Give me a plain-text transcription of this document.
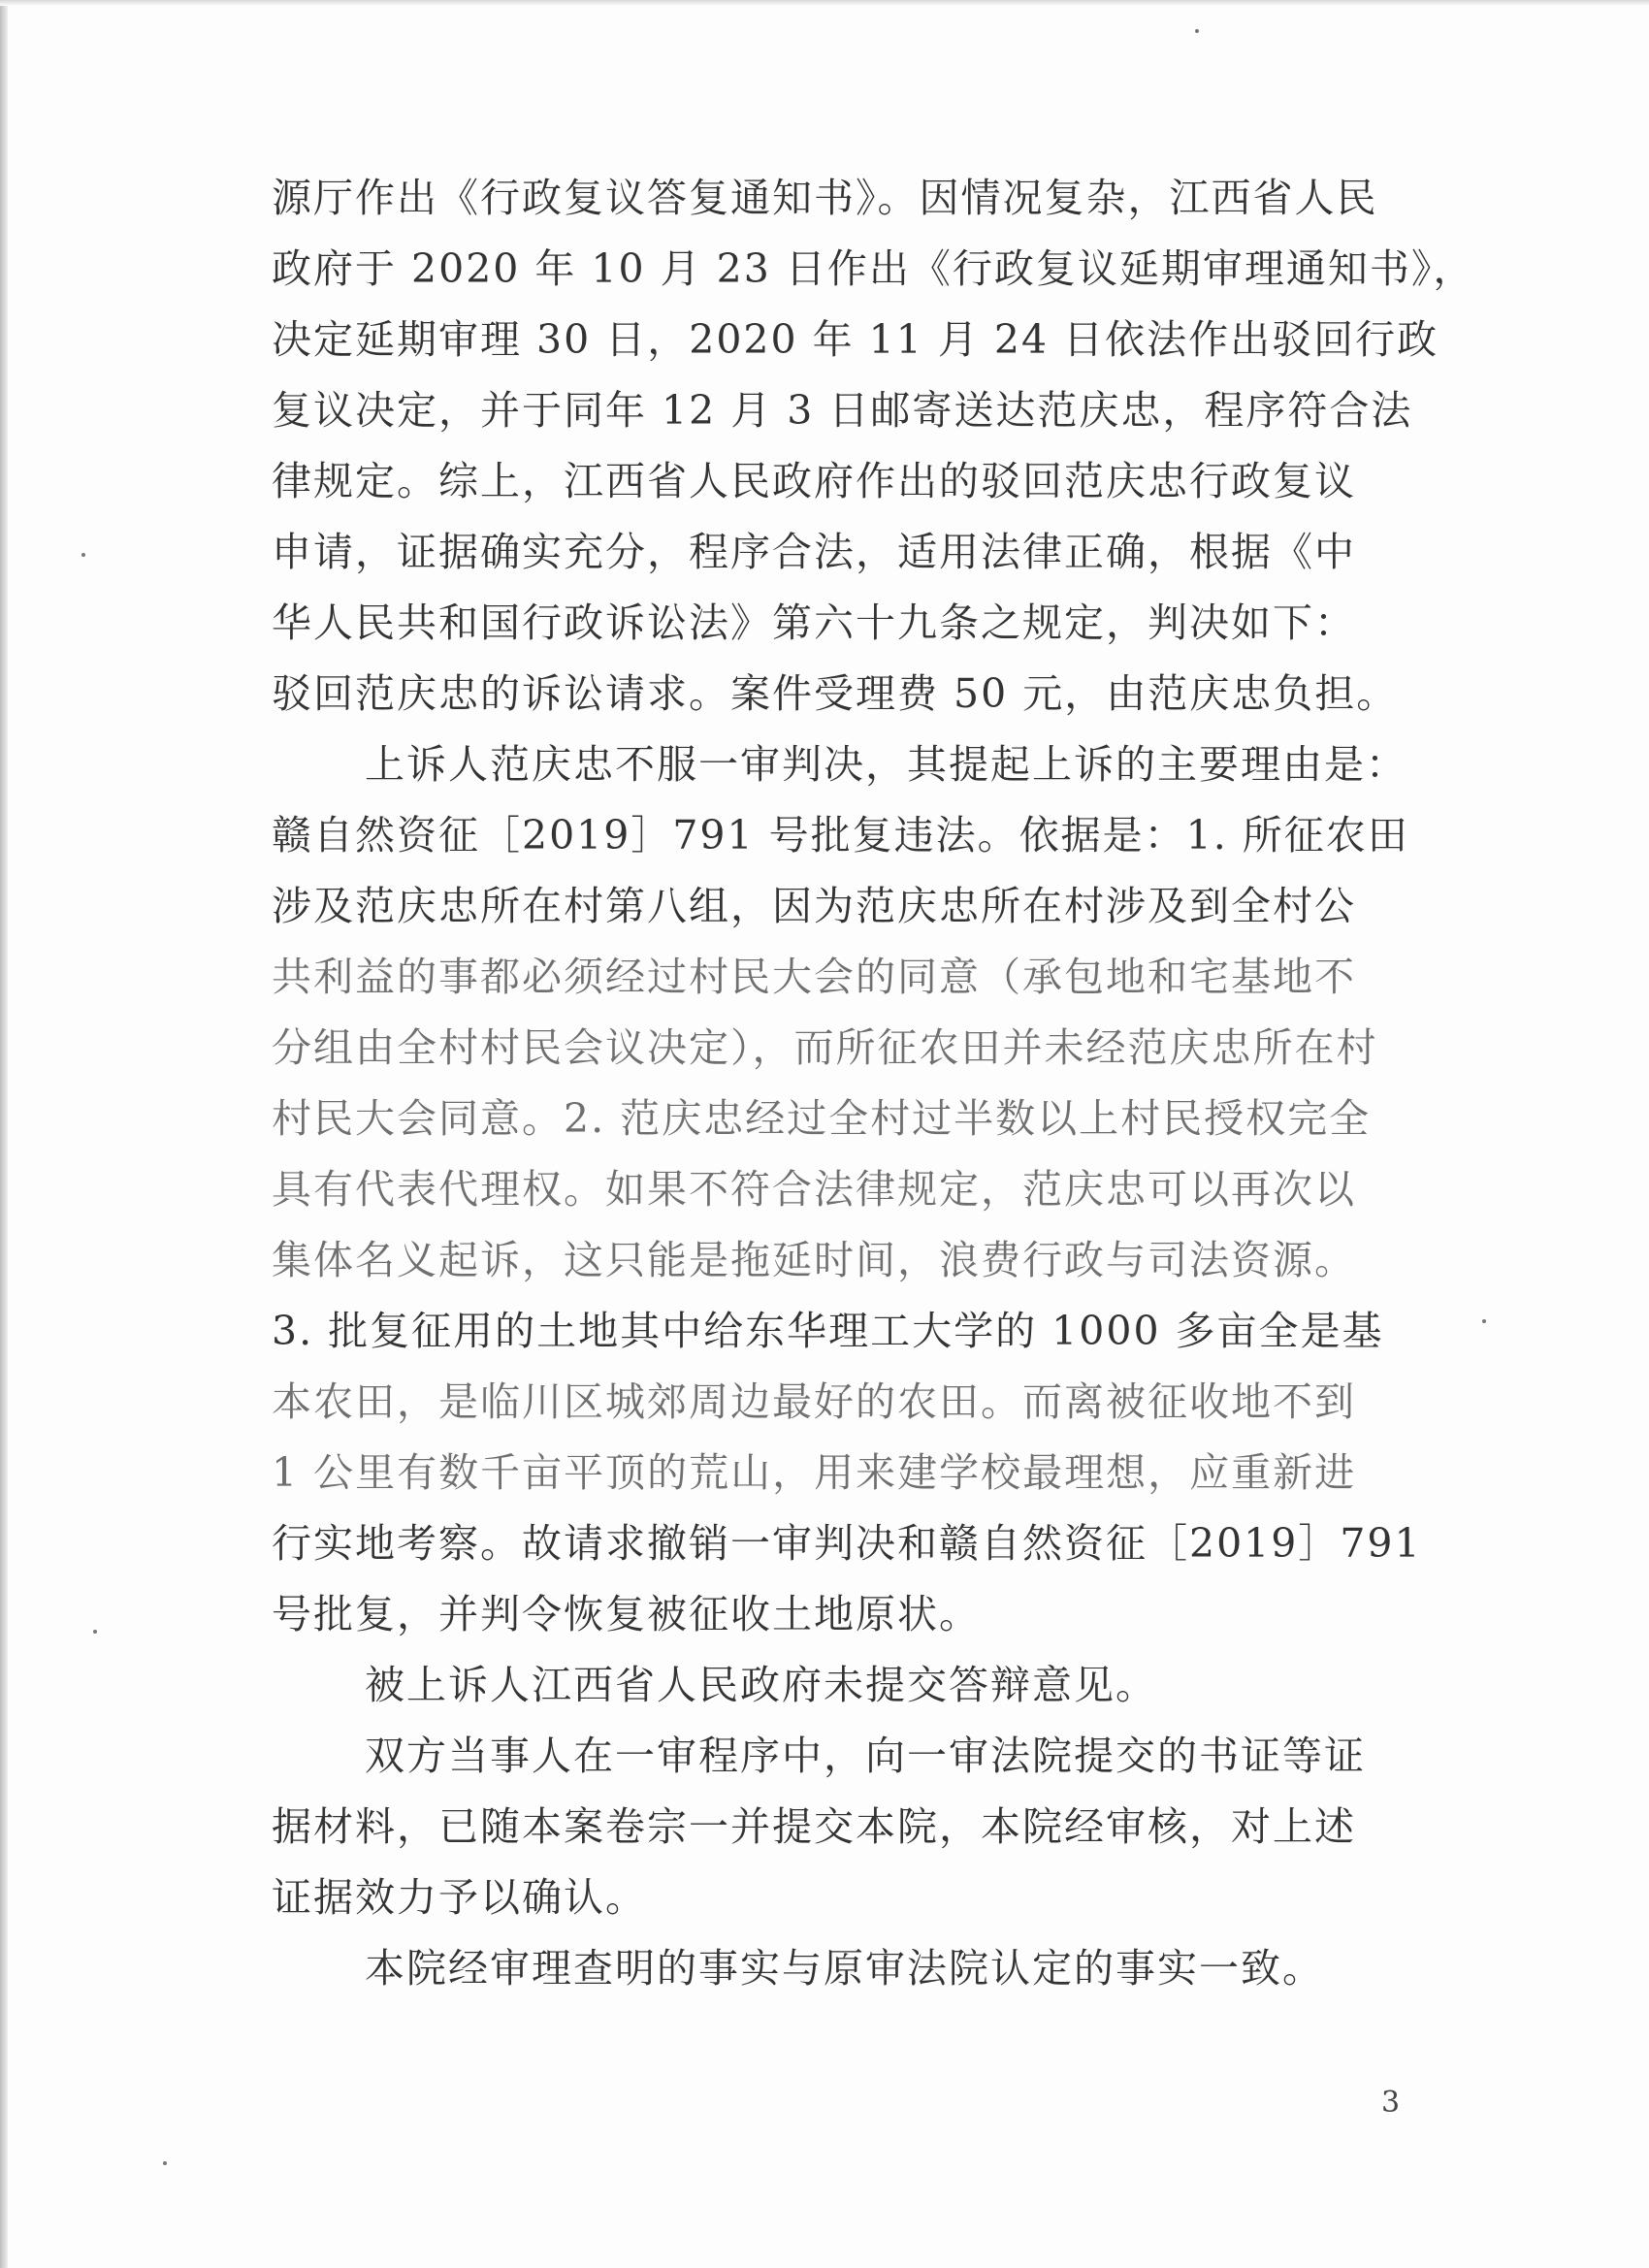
源厅作出《行政复议答复通知书》。因情况复杂，江西省人民
政府于 2020 年 10 月 23 日作出《行政复议延期审理通知书》，
决定延期审理 30 日，2020 年 11 月 24 日依法作出驳回行政
复议决定，并于同年 12 月 3 日邮寄送达范庆忠，程序符合法
律规定。综上，江西省人民政府作出的驳回范庆忠行政复议
申请，证据确实充分，程序合法，适用法律正确，根据《中
华人民共和国行政诉讼法》第六十九条之规定，判决如下：
驳回范庆忠的诉讼请求。案件受理费 50 元，由范庆忠负担。
上诉人范庆忠不服一审判决，其提起上诉的主要理由是：
赣自然资征［2019］791 号批复违法。依据是：1. 所征农田
涉及范庆忠所在村第八组，因为范庆忠所在村涉及到全村公
共利益的事都必须经过村民大会的同意（承包地和宅基地不
分组由全村村民会议决定），而所征农田并未经范庆忠所在村
村民大会同意。2. 范庆忠经过全村过半数以上村民授权完全
具有代表代理权。如果不符合法律规定，范庆忠可以再次以
集体名义起诉，这只能是拖延时间，浪费行政与司法资源。
3. 批复征用的土地其中给东华理工大学的 1000 多亩全是基
本农田，是临川区城郊周边最好的农田。而离被征收地不到
1 公里有数千亩平顶的荒山，用来建学校最理想，应重新进
行实地考察。故请求撤销一审判决和赣自然资征［2019］791
号批复，并判令恢复被征收土地原状。
被上诉人江西省人民政府未提交答辩意见。
双方当事人在一审程序中，向一审法院提交的书证等证
据材料，已随本案卷宗一并提交本院，本院经审核，对上述
证据效力予以确认。
本院经审理查明的事实与原审法院认定的事实一致。
3
